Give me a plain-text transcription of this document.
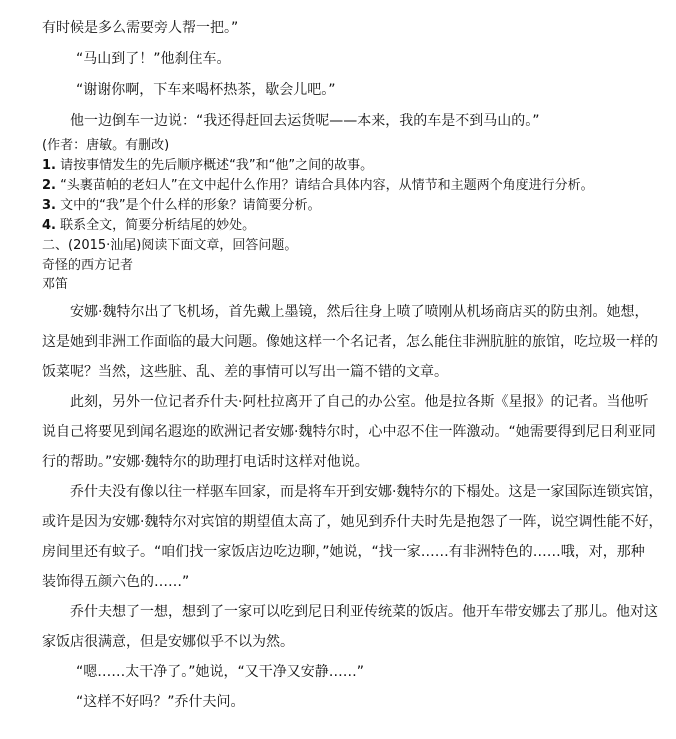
有时候是多么需要旁人帮一把。”
“马山到了！”他刹住车。
“谢谢你啊，下车来喝杯热茶，歇会儿吧。”
他一边倒车一边说：“我还得赶回去运货呢——本来，我的车是不到马山的。”
(作者：唐敏。有删改)
1. 请按事情发生的先后顺序概述“我”和“他”之间的故事。
2. “头裹苗帕的老妇人”在文中起什么作用？请结合具体内容，从情节和主题两个角度进行分析。
3. 文中的“我”是个什么样的形象？请简要分析。
4. 联系全文，简要分析结尾的妙处。
二、(2015·汕尾)阅读下面文章，回答问题。
奇怪的西方记者
邓笛
安娜·魏特尔出了飞机场，首先戴上墨镜，然后往身上喷了喷刚从机场商店买的防虫剂。她想，
这是她到非洲工作面临的最大问题。像她这样一个名记者，怎么能住非洲肮脏的旅馆，吃垃圾一样的
饭菜呢？当然，这些脏、乱、差的事情可以写出一篇不错的文章。
此刻，另外一位记者乔什夫·阿杜拉离开了自己的办公室。他是拉各斯《星报》的记者。当他听
说自己将要见到闻名遐迩的欧洲记者安娜·魏特尔时，心中忍不住一阵激动。“她需要得到尼日利亚同
行的帮助。”安娜·魏特尔的助理打电话时这样对他说。
乔什夫没有像以往一样驱车回家，而是将车开到安娜·魏特尔的下榻处。这是一家国际连锁宾馆，
或许是因为安娜·魏特尔对宾馆的期望值太高了，她见到乔什夫时先是抱怨了一阵，说空调性能不好，
房间里还有蚊子。“咱们找一家饭店边吃边聊，”她说，“找一家……有非洲特色的……哦，对，那种
装饰得五颜六色的……”
乔什夫想了一想，想到了一家可以吃到尼日利亚传统菜的饭店。他开车带安娜去了那儿。他对这
家饭店很满意，但是安娜似乎不以为然。
“嗯……太干净了。”她说，“又干净又安静……”
“这样不好吗？”乔什夫问。
